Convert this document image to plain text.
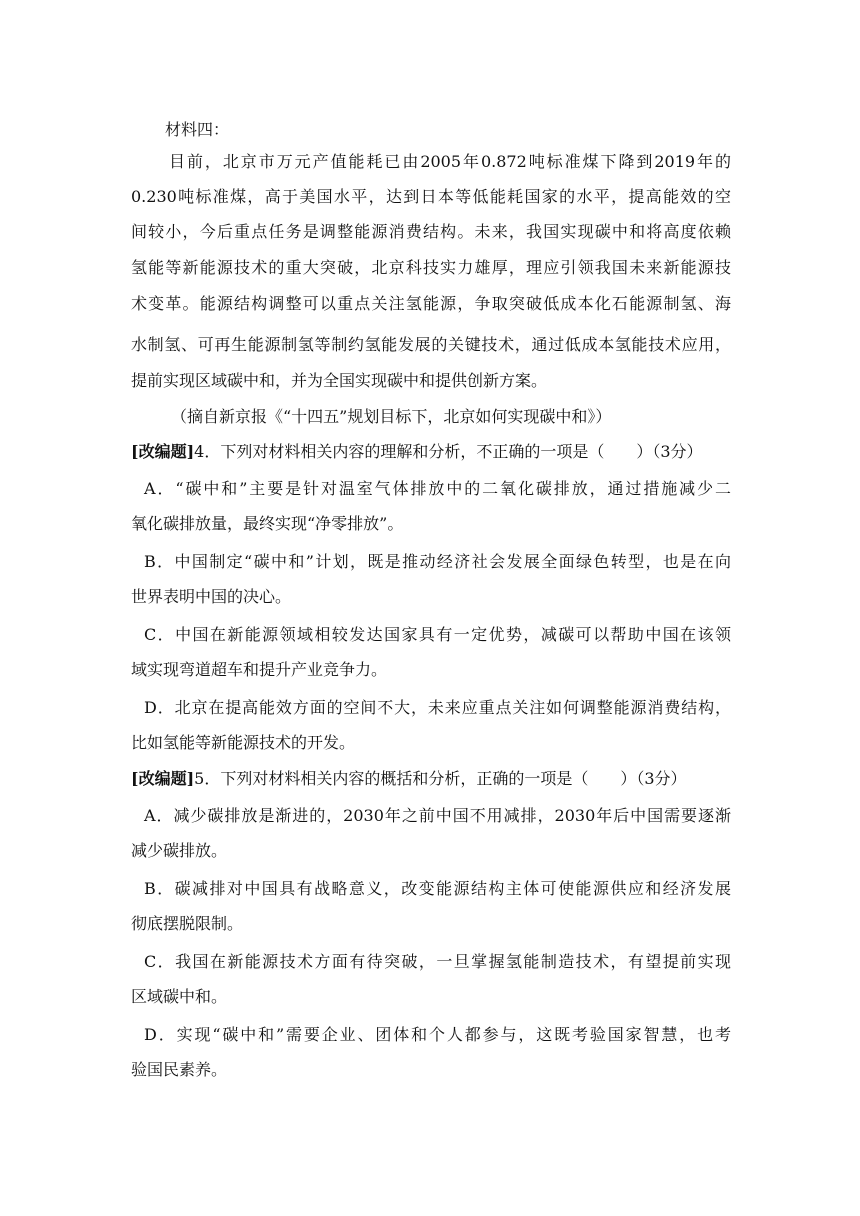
材料四：
目前，北京市万元产值能耗已由2005年0.872吨标准煤下降到2019年的
0.230吨标准煤，高于美国水平，达到日本等低能耗国家的水平，提高能效的空
间较小，今后重点任务是调整能源消费结构。未来，我国实现碳中和将高度依赖
氢能等新能源技术的重大突破，北京科技实力雄厚，理应引领我国未来新能源技
术变革。能源结构调整可以重点关注氢能源，争取突破低成本化石能源制氢、海
水制氢、可再生能源制氢等制约氢能发展的关键技术，通过低成本氢能技术应用，
提前实现区域碳中和，并为全国实现碳中和提供创新方案。
（摘自新京报《“十四五”规划目标下，北京如何实现碳中和》）
[改编题]4．下列对材料相关内容的理解和分析，不正确的一项是（　　）（3分）
A．“碳中和”主要是针对温室气体排放中的二氧化碳排放，通过措施减少二
氧化碳排放量，最终实现“净零排放”。
B．中国制定“碳中和”计划，既是推动经济社会发展全面绿色转型，也是在向
世界表明中国的决心。
C．中国在新能源领域相较发达国家具有一定优势，减碳可以帮助中国在该领
域实现弯道超车和提升产业竞争力。
D．北京在提高能效方面的空间不大，未来应重点关注如何调整能源消费结构，
比如氢能等新能源技术的开发。
[改编题]5．下列对材料相关内容的概括和分析，正确的一项是（　　）（3分）
A．减少碳排放是渐进的，2030年之前中国不用减排，2030年后中国需要逐渐
减少碳排放。
B．碳减排对中国具有战略意义，改变能源结构主体可使能源供应和经济发展
彻底摆脱限制。
C．我国在新能源技术方面有待突破，一旦掌握氢能制造技术，有望提前实现
区域碳中和。
D．实现“碳中和”需要企业、团体和个人都参与，这既考验国家智慧，也考
验国民素养。
